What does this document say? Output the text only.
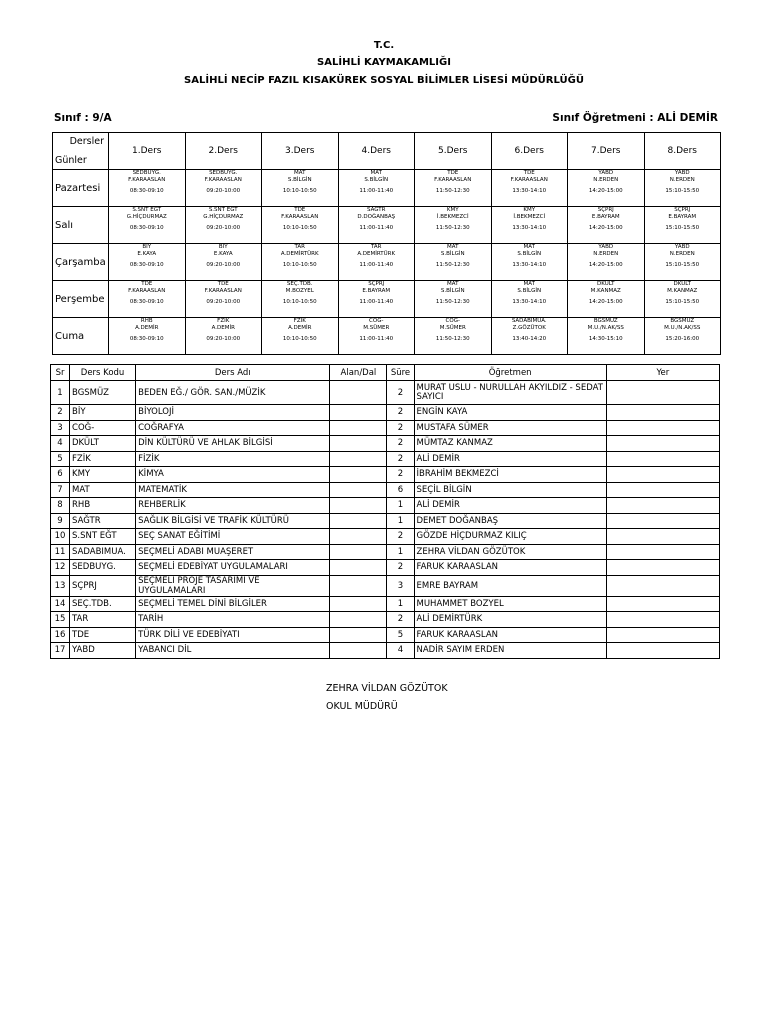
T.C.
SALİHLİ KAYMAKAMLIĞI
SALİHLİ NECİP FAZIL KISAKÜREK SOSYAL BİLİMLER LİSESİ MÜDÜRLÜĞÜ
Sınıf : 9/A	Sınıf Öğretmeni : ALİ DEMİR
Dersler
Günler	1.Ders	2.Ders	3.Ders	4.Ders	5.Ders	6.Ders	7.Ders	8.Ders
Pazartesi	SEDBUYG.
F.KARAASLAN
08:30-09:10	SEDBUYG.
F.KARAASLAN
09:20-10:00	MAT
S.BİLGİN
10:10-10:50	MAT
S.BİLGİN
11:00-11:40	TDE
F.KARAASLAN
11:50-12:30	TDE
F.KARAASLAN
13:30-14:10	YABD
N.ERDEN
14:20-15:00	YABD
N.ERDEN
15:10-15:50

Salı	S.SNT EĞT
G.HİÇDURMAZ
08:30-09:10	S.SNT EĞT
G.HİÇDURMAZ
09:20-10:00	TDE
F.KARAASLAN
10:10-10:50	SAĞTR
D.DOĞANBAŞ
11:00-11:40	KMY
İ.BEKMEZCİ
11:50-12:30	KMY
İ.BEKMEZCİ
13:30-14:10	SÇPRJ
E.BAYRAM
14:20-15:00	SÇPRJ
E.BAYRAM
15:10-15:50

Çarşamba	BİY
E.KAYA
08:30-09:10	BİY
E.KAYA
09:20-10:00	TAR
A.DEMİRTÜRK
10:10-10:50	TAR
A.DEMİRTÜRK
11:00-11:40	MAT
S.BİLGİN
11:50-12:30	MAT
S.BİLGİN
13:30-14:10	YABD
N.ERDEN
14:20-15:00	YABD
N.ERDEN
15:10-15:50

Perşembe	TDE
F.KARAASLAN
08:30-09:10	TDE
F.KARAASLAN
09:20-10:00	SEÇ.TDB.
M.BOZYEL
10:10-10:50	SÇPRJ
E.BAYRAM
11:00-11:40	MAT
S.BİLGİN
11:50-12:30	MAT
S.BİLGİN
13:30-14:10	DKÜLT
M.KANMAZ
14:20-15:00	DKÜLT
M.KANMAZ
15:10-15:50

Cuma	RHB
A.DEMİR
08:30-09:10	FZİK
A.DEMİR
09:20-10:00	FZİK
A.DEMİR
10:10-10:50	COĞ-
M.SÜMER
11:00-11:40	COĞ-
M.SÜMER
11:50-12:30	SADABIMUA.
Z.GÖZÜTOK
13:40-14:20	BGSMÜZ
M.U./N.AK/SS
14:30-15:10	BGSMÜZ
M.U./N.AK/SS
15:20-16:00
Sr	Ders Kodu	Ders Adı	Alan/Dal	Süre	Öğretmen	Yer
1	BGSMÜZ	BEDEN EĞ./ GÖR. SAN./MÜZİK		2	MURAT USLU - NURULLAH AKYILDIZ - SEDAT SAYICI	
2	BİY	BİYOLOJİ		2	ENGİN KAYA	
3	COĞ-	COĞRAFYA		2	MUSTAFA SÜMER	
4	DKÜLT	DİN KÜLTÜRÜ VE AHLAK BİLGİSİ		2	MÜMTAZ KANMAZ	
5	FZİK	FİZİK		2	ALİ DEMİR	
6	KMY	KİMYA		2	İBRAHİM BEKMEZCİ	
7	MAT	MATEMATİK		6	SEÇİL BİLGİN	
8	RHB	REHBERLİK		1	ALİ DEMİR	
9	SAĞTR	SAĞLIK BİLGİSİ VE TRAFİK KÜLTÜRÜ		1	DEMET DOĞANBAŞ	
10	S.SNT EĞT	SEÇ SANAT EĞİTİMİ		2	GÖZDE HİÇDURMAZ KILIÇ	
11	SADABIMUA.	SEÇMELİ ADABI MUAŞERET		1	ZEHRA VİLDAN GÖZÜTOK	
12	SEDBUYG.	SEÇMELİ EDEBİYAT UYGULAMALARI		2	FARUK KARAASLAN	
13	SÇPRJ	SEÇMELİ PROJE TASARIMI VE UYGULAMALARI		3	EMRE BAYRAM	
14	SEÇ.TDB.	SEÇMELİ TEMEL DİNİ BİLGİLER		1	MUHAMMET BOZYEL	
15	TAR	TARİH		2	ALİ DEMİRTÜRK	
16	TDE	TÜRK DİLİ VE EDEBİYATI		5	FARUK KARAASLAN	
17	YABD	YABANCI DİL		4	NADİR SAYIM ERDEN	
ZEHRA VİLDAN GÖZÜTOK
OKUL MÜDÜRÜ
